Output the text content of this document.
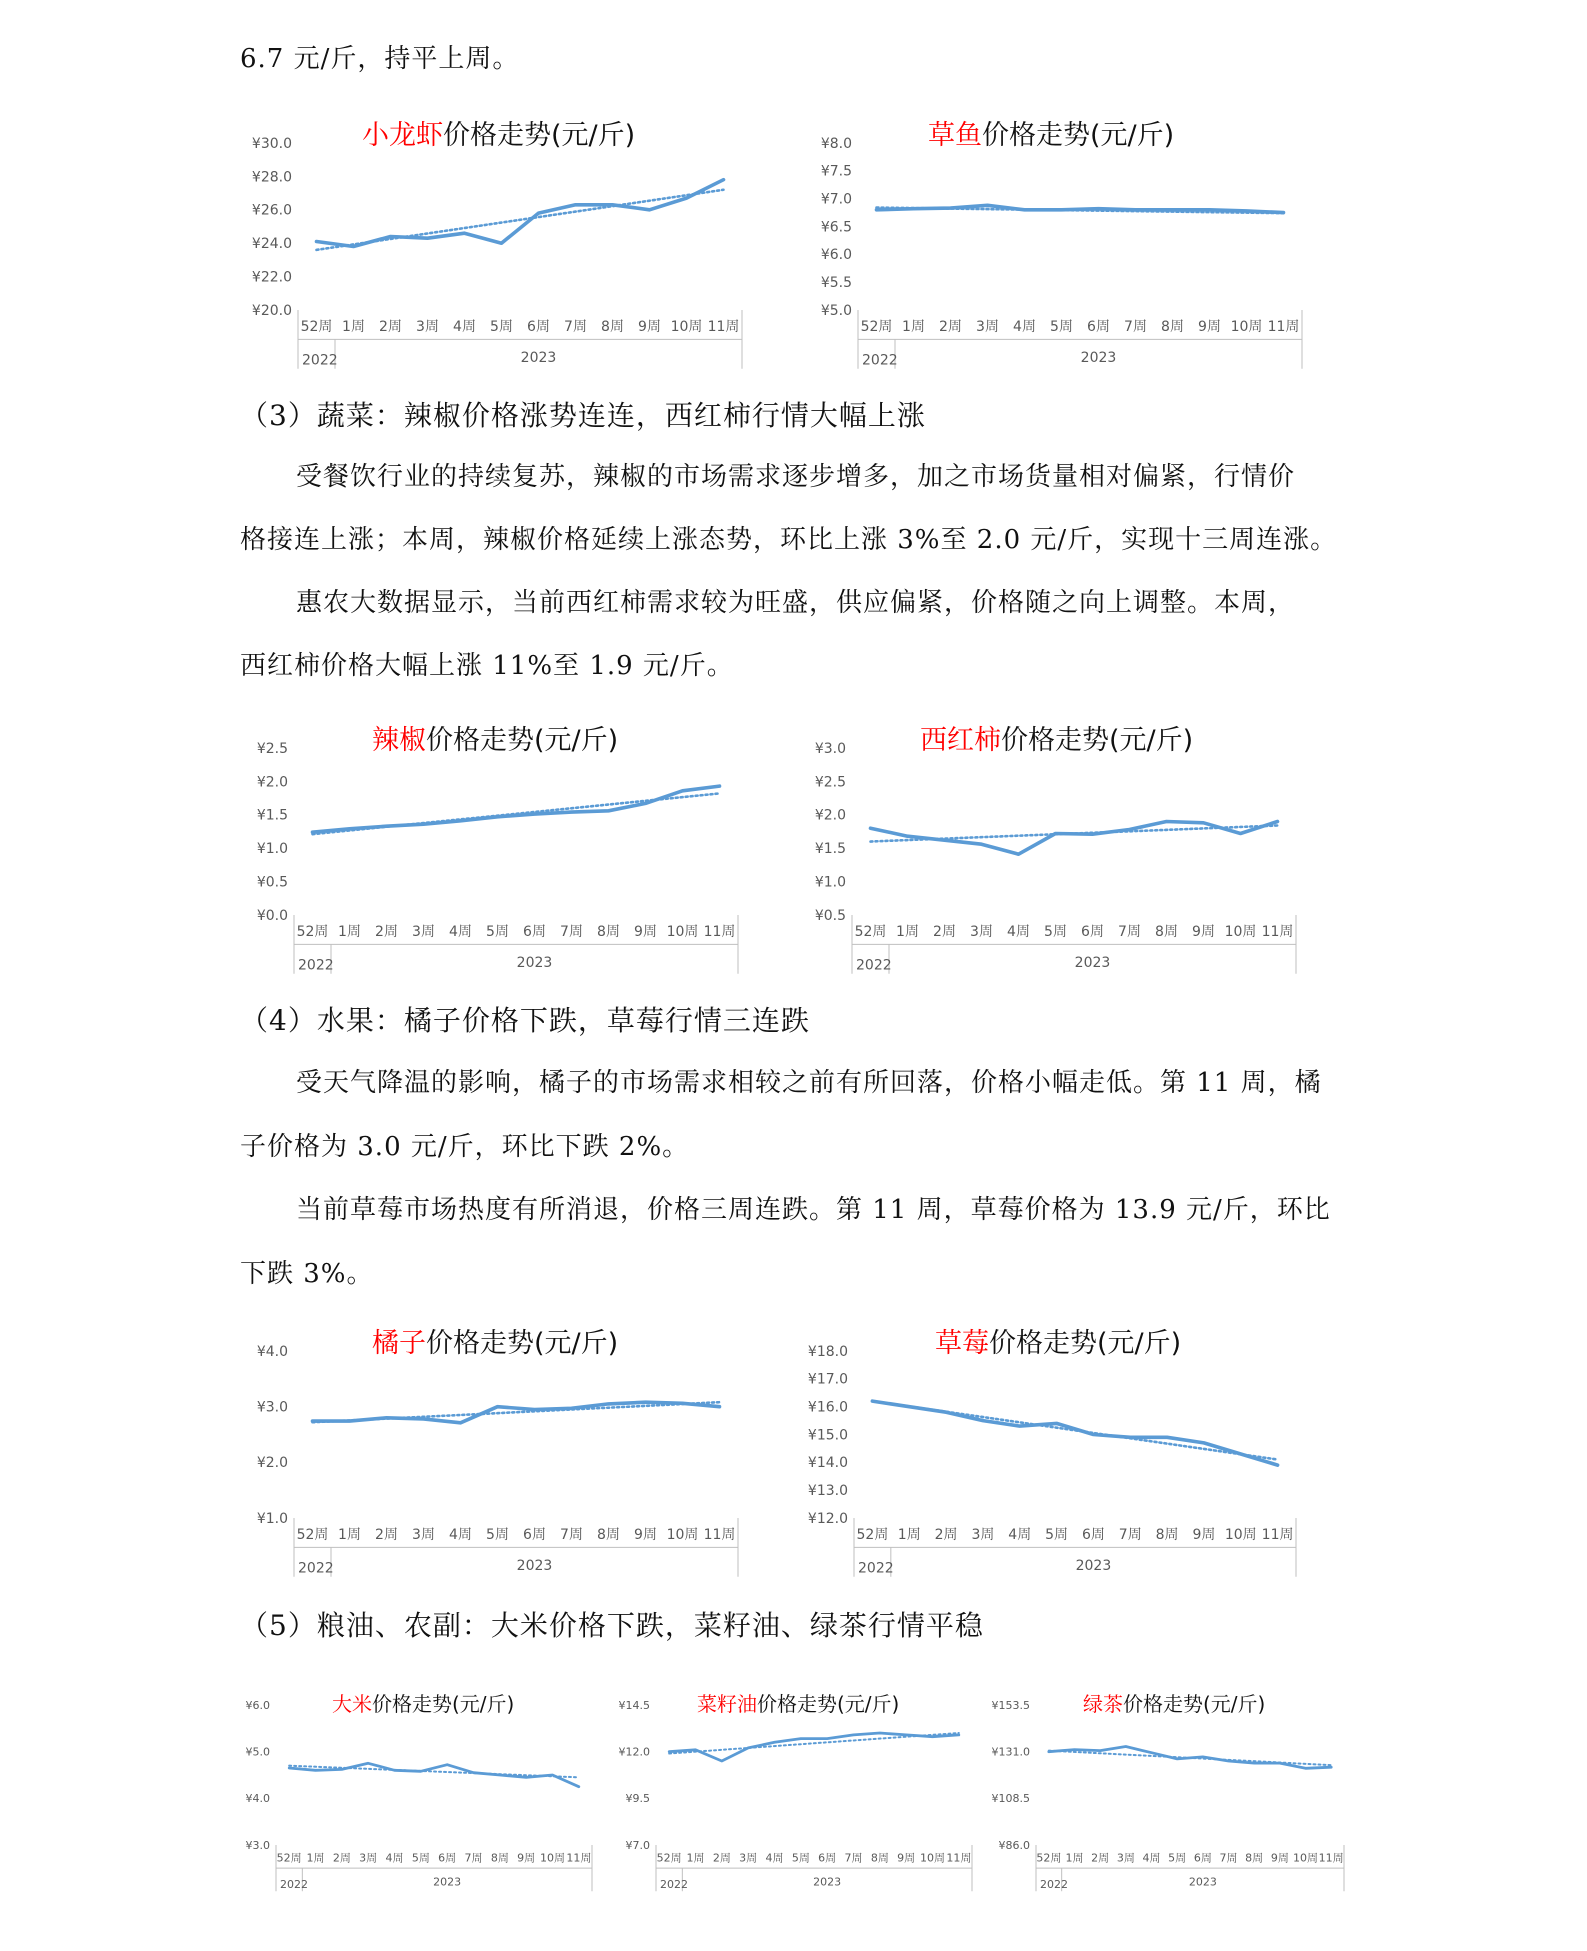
6.7 元/斤，持平上周。
（3）蔬菜：辣椒价格涨势连连，西红柿行情大幅上涨
受餐饮行业的持续复苏，辣椒的市场需求逐步增多，加之市场货量相对偏紧，行情价
格接连上涨；本周，辣椒价格延续上涨态势，环比上涨 3%至 2.0 元/斤，实现十三周连涨。
惠农大数据显示，当前西红柿需求较为旺盛，供应偏紧，价格随之向上调整。本周，
西红柿价格大幅上涨 11%至 1.9 元/斤。
（4）水果：橘子价格下跌，草莓行情三连跌
受天气降温的影响，橘子的市场需求相较之前有所回落，价格小幅走低。第 11 周，橘
子价格为 3.0 元/斤，环比下跌 2%。
当前草莓市场热度有所消退，价格三周连跌。第 11 周，草莓价格为 13.9 元/斤，环比
下跌 3%。
（5）粮油、农副：大米价格下跌，菜籽油、绿茶行情平稳
小龙虾价格走势(元/斤)
¥20.0
¥22.0
¥24.0
¥26.0
¥28.0
¥30.0
52周 1周 2周 3周 4周 5周 6周 7周 8周 9周 10周 11周
2022	2023
草鱼价格走势(元/斤)
¥5.0
¥5.5
¥6.0
¥6.5
¥7.0
¥7.5
¥8.0
52周 1周 2周 3周 4周 5周 6周 7周 8周 9周 10周 11周
2022	2023
辣椒价格走势(元/斤)
¥0.0
¥0.5
¥1.0
¥1.5
¥2.0
¥2.5
52周 1周 2周 3周 4周 5周 6周 7周 8周 9周 10周 11周
2022	2023
西红柿价格走势(元/斤)
¥0.5
¥1.0
¥1.5
¥2.0
¥2.5
¥3.0
52周 1周 2周 3周 4周 5周 6周 7周 8周 9周 10周 11周
2022	2023
橘子价格走势(元/斤)
¥1.0
¥2.0
¥3.0
¥4.0
52周 1周 2周 3周 4周 5周 6周 7周 8周 9周 10周 11周
2022	2023
草莓价格走势(元/斤)
¥12.0
¥13.0
¥14.0
¥15.0
¥16.0
¥17.0
¥18.0
52周 1周 2周 3周 4周 5周 6周 7周 8周 9周 10周 11周
2022	2023
大米价格走势(元/斤)
¥3.0
¥4.0
¥5.0
¥6.0
52周 1周 2周 3周 4周 5周 6周 7周 8周 9周 10周 11周
2022	2023
菜籽油价格走势(元/斤)
¥7.0
¥9.5
¥12.0
¥14.5
52周 1周 2周 3周 4周 5周 6周 7周 8周 9周 10周 11周
2022	2023
绿茶价格走势(元/斤)
¥86.0
¥108.5
¥131.0
¥153.5
52周 1周 2周 3周 4周 5周 6周 7周 8周 9周 10周 11周
2022	2023
